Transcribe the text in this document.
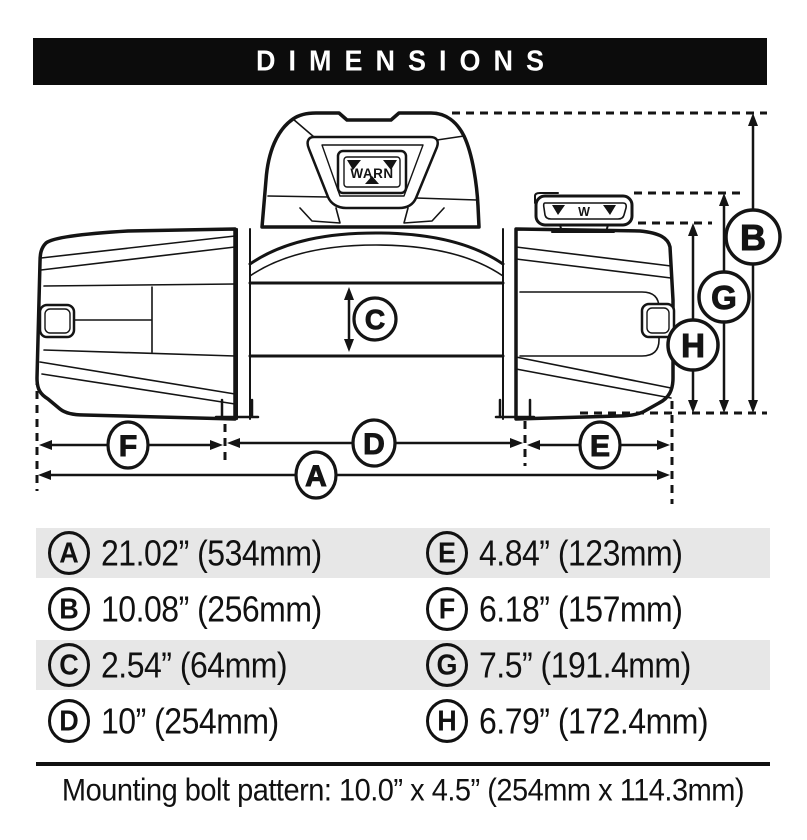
DIMENSIONS
WARN
W
B
G
H
C
F	D	E
A
A 21.02” (534mm)	E 4.84” (123mm)
B 10.08” (256mm)	F 6.18” (157mm)
C 2.54” (64mm)	G 7.5” (191.4mm)
D 10” (254mm)	H 6.79” (172.4mm)
Mounting bolt pattern: 10.0” x 4.5” (254mm x 114.3mm)
